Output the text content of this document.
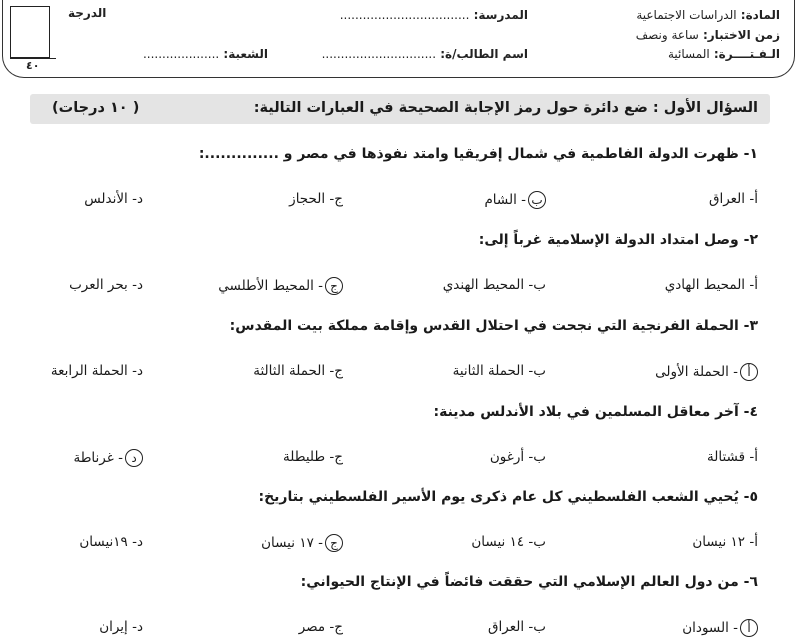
المادة: الدراسات الاجتماعية
زمن الاختبار: ساعة ونصف
الـفـتــــرة: المسائية
المدرسة: ..................................
اسم الطالب/ة: ..............................
الشعبة: ....................
الدرجة
٤٠
السؤال الأول : ضع دائرة حول رمز الإجابة الصحيحة في العبارات التالية:
( ١٠ درجات)
١- ظهرت الدولة الفاطمية في شمال إفريقيا وامتد نفوذها في مصر و ..............:
أ- العراق
ب- الشام
ج- الحجاز
د- الأندلس
٢- وصل امتداد الدولة الإسلامية غرباً إلى:
أ- المحيط الهادي
ب- المحيط الهندي
ج- المحيط الأطلسي
د- بحر العرب
٣- الحملة الفرنجية التي نجحت في احتلال القدس وإقامة مملكة بيت المقدس:
أ- الحملة الأولى
ب- الحملة الثانية
ج- الحملة الثالثة
د- الحملة الرابعة
٤- آخر معاقل المسلمين في بلاد الأندلس مدينة:
أ- قشتالة
ب- أرغون
ج- طليطلة
د- غرناطة
٥- يُحيي الشعب الفلسطيني كل عام ذكرى يوم الأسير الفلسطيني بتاريخ:
أ- ١٢ نيسان
ب- ١٤ نيسان
ج- ١٧ نيسان
د- ١٩نيسان
٦- من دول العالم الإسلامي التي حققت فائضاً في الإنتاج الحيواني:
أ- السودان
ب- العراق
ج- مصر
د- إيران
